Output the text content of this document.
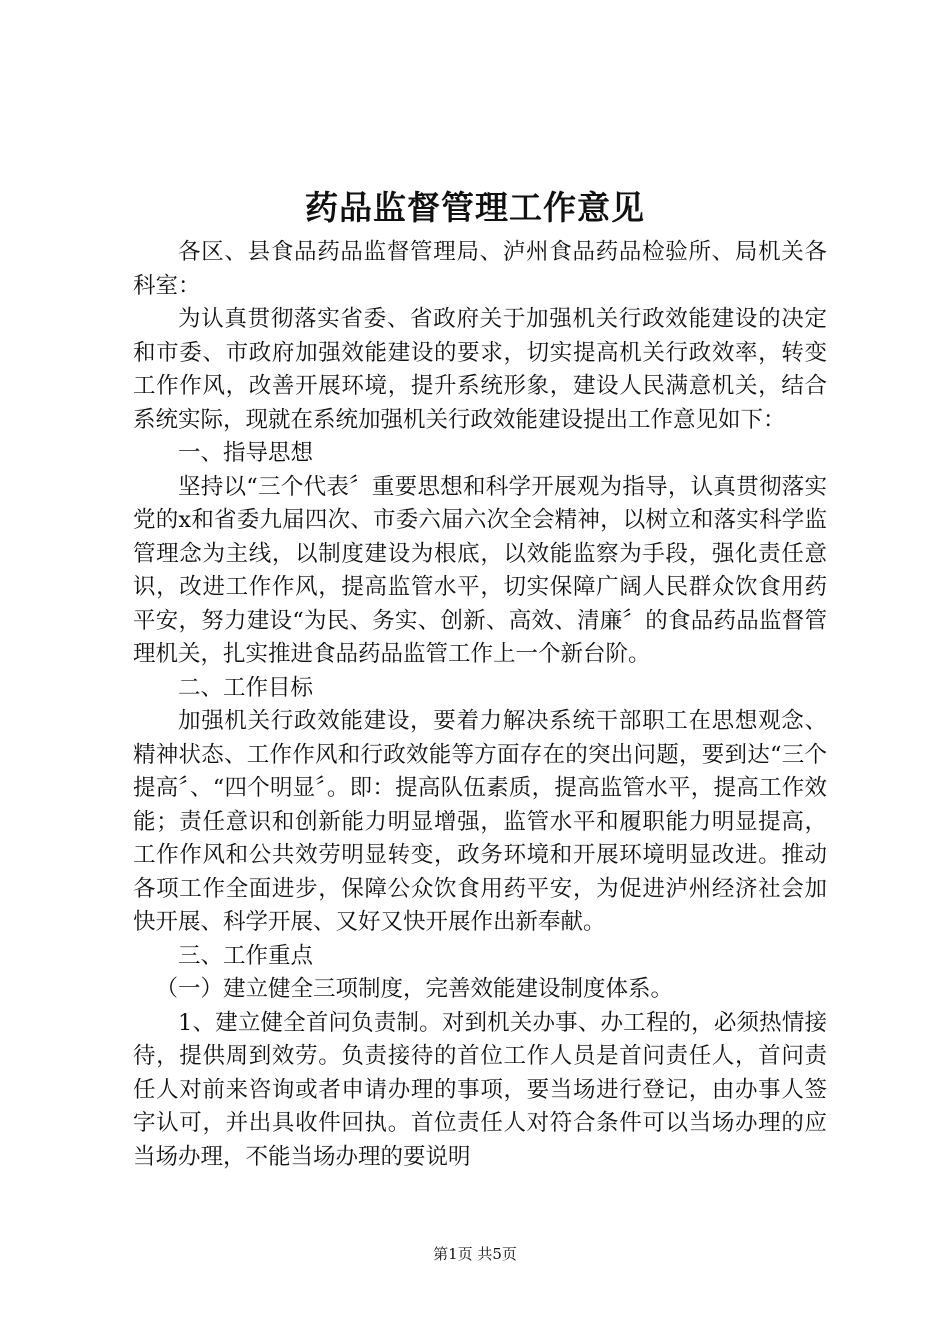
药品监督管理工作意见

各区、县食品药品监督管理局、泸州食品药品检验所、局机关各科室：

为认真贯彻落实省委、省政府关于加强机关行政效能建设的决定和市委、市政府加强效能建设的要求，切实提高机关行政效率，转变工作作风，改善开展环境，提升系统形象，建设人民满意机关，结合系统实际，现就在系统加强机关行政效能建设提出工作意见如下：

一、指导思想

坚持以“三个代表〞重要思想和科学开展观为指导，认真贯彻落实党的x和省委九届四次、市委六届六次全会精神，以树立和落实科学监管理念为主线，以制度建设为根底，以效能监察为手段，强化责任意识，改进工作作风，提高监管水平，切实保障广阔人民群众饮食用药平安，努力建设“为民、务实、创新、高效、清廉〞的食品药品监督管理机关，扎实推进食品药品监管工作上一个新台阶。

二、工作目标

加强机关行政效能建设，要着力解决系统干部职工在思想观念、精神状态、工作作风和行政效能等方面存在的突出问题，要到达“三个提高〞、“四个明显〞。即：提高队伍素质，提高监管水平，提高工作效能；责任意识和创新能力明显增强，监管水平和履职能力明显提高，工作作风和公共效劳明显转变，政务环境和开展环境明显改进。推动各项工作全面进步，保障公众饮食用药平安，为促进泸州经济社会加快开展、科学开展、又好又快开展作出新奉献。

三、工作重点

（一）建立健全三项制度，完善效能建设制度体系。

1、建立健全首问负责制。对到机关办事、办工程的，必须热情接待，提供周到效劳。负责接待的首位工作人员是首问责任人，首问责任人对前来咨询或者申请办理的事项，要当场进行登记，由办事人签字认可，并出具收件回执。首位责任人对符合条件可以当场办理的应当场办理，不能当场办理的要说明

第1页 共5页
